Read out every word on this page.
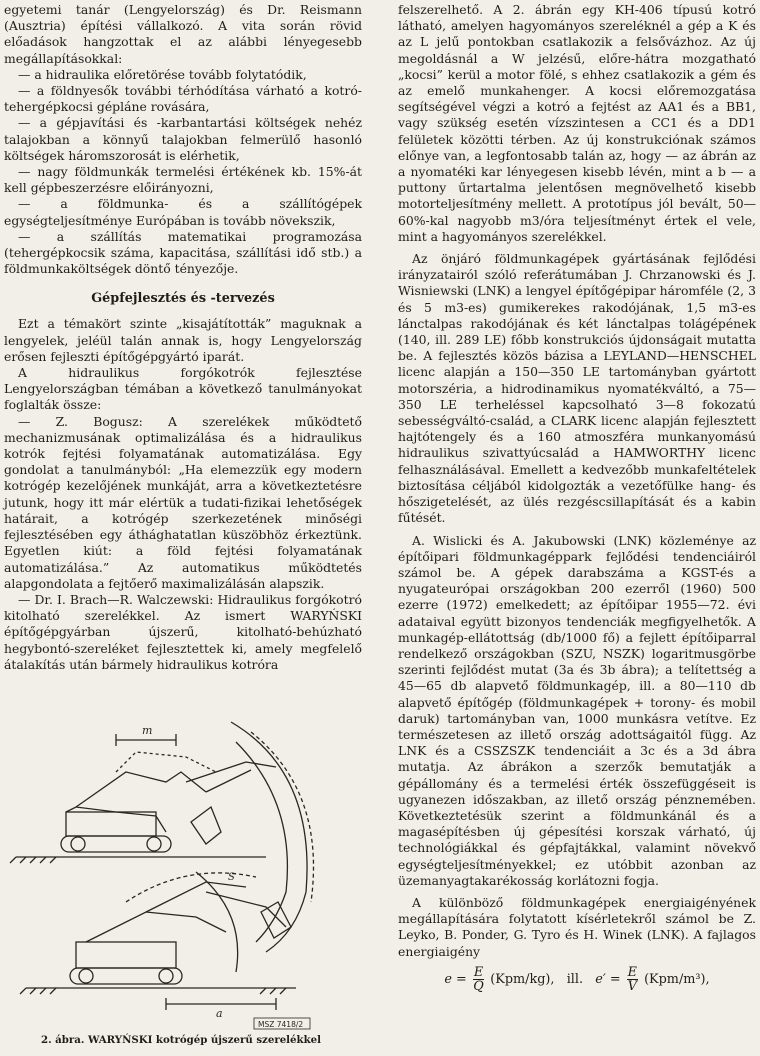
egyetemi tanár (Lengyelország) és Dr. Reismann (Ausztria) építési vállalkozó. A vita során rövid előadások hangzottak el az alábbi lényegesebb megállapításokkal:

— a hidraulika előretörése tovább folytatódik,

— a földnyesők további térhódítása várható a kotró-tehergépkocsi gépláne rovására,

— a gépjavítási és -karbantartási költségek nehéz talajokban a könnyű talajokban felmerülő hasonló költségek háromszorosát is elérhetik,

— nagy földmunkák termelési értékének kb. 15%-át kell gépbeszerzésre előirányozni,

— a földmunka- és a szállítógépek egységteljesítménye Európában is tovább növekszik,

— a szállítás matematikai programozása (tehergépkocsik száma, kapacitása, szállítási idő stb.) a földmunkaköltségek döntő tényezője.

Gépfejlesztés és -tervezés

Ezt a témakört szinte „kisajátították” maguknak a lengyelek, jeléül talán annak is, hogy Lengyelország erősen fejleszti építőgépgyártó iparát.

A hidraulikus forgókotrók fejlesztése Lengyelországban témában a következő tanulmányokat foglalták össze:

— Z. Bogusz: A szerelékek működtető mechanizmusának optimalizálása és a hidraulikus kotrók fejtési folyamatának automatizálása. Egy gondolat a tanulmányból: „Ha elemezzük egy modern kotrógép kezelőjének munkáját, arra a következtetésre jutunk, hogy itt már elértük a tudati-fizikai lehetőségek határait, a kotrógép szerkezetének minőségi fejlesztésében egy áthághatatlan küszöbhöz érkeztünk. Egyetlen kiút: a föld fejtési folyamatának automatizálása.” Az automatikus működtetés alapgondolata a fejtőerő maximalizálásán alapszik.

— Dr. I. Brach—R. Walczewski: Hidraulikus forgókotró kitolható szerelékkel. Az ismert WARYŃSKI építőgépgyárban újszerű, kitolható-behúzható hegybontó-szereléket fejlesztettek ki, amely megfelelő átalakítás után bármely hidraulikus kotróra

m
a
S
MSZ 7418/2
2. ábra. WARYŃSKI kotrógép újszerű szerelékkel

felszerelhető. A 2. ábrán egy KH-406 típusú kotró látható, amelyen hagyományos szereléknél a gép a K és az L jelű pontokban csatlakozik a felsővázhoz. Az új megoldásnál a W jelzésű, előre-hátra mozgatható „kocsi” kerül a motor fölé, s ehhez csatlakozik a gém és az emelő munkahenger. A kocsi előremozgatása segítségével végzi a kotró a fejtést az AA1 és a BB1, vagy szükség esetén vízszintesen a CC1 és a DD1 felületek közötti térben. Az új konstrukciónak számos előnye van, a legfontosabb talán az, hogy — az ábrán az a nyomatéki kar lényegesen kisebb lévén, mint a b — a puttony űrtartalma jelentősen megnövelhető kisebb motorteljesítmény mellett. A prototípus jól bevált, 50—60%-kal nagyobb m3/óra teljesítményt értek el vele, mint a hagyományos szerelékkel.

Az önjáró földmunkagépek gyártásának fejlődési irányzatairól szóló referátumában J. Chrzanowski és J. Wisniewski (LNK) a lengyel építőgépipar háromféle (2, 3 és 5 m3-es) gumikerekes rakodójának, 1,5 m3-es lánctalpas rakodójának és két lánctalpas tolágépének (140, ill. 289 LE) főbb konstrukciós újdonságait mutatta be. A fejlesztés közös bázisa a LEYLAND—HENSCHEL licenc alapján a 150—350 LE tartományban gyártott motorszéria, a hidrodinamikus nyomatékváltó, a 75—350 LE terheléssel kapcsolható 3—8 fokozatú sebességváltó-család, a CLARK licenc alapján fejlesztett hajtótengely és a 160 atmoszféra munkanyomású hidraulikus szivattyúcsalád a HAMWORTHY licenc felhasználásával. Emellett a kedvezőbb munkafeltételek biztosítása céljából kidolgozták a vezetőfülke hang- és hőszigetelését, az ülés rezgéscsillapítását és a kabin fűtését.

A. Wislicki és A. Jakubowski (LNK) közleménye az építőipari földmunkagéppark fejlődési tendenciáiról számol be. A gépek darabszáma a KGST-és a nyugateurópai országokban 200 ezerről (1960) 500 ezerre (1972) emelkedett; az építőipar 1955—72. évi adataival együtt bizonyos tendenciák megfigyelhetők. A munkagép-ellátottság (db/1000 fő) a fejlett építőiparral rendelkező országokban (SZU, NSZK) logaritmusgörbe szerinti fejlődést mutat (3a és 3b ábra); a telítettség a 45—65 db alapvető földmunkagép, ill. a 80—110 db alapvető építőgép (földmunkagépek + torony- és mobil daruk) tartományban van, 1000 munkásra vetítve. Ez természetesen az illető ország adottságaitól függ. Az LNK és a CSSZSZK tendenciáit a 3c és a 3d ábra mutatja. Az ábrákon a szerzők bemutatják a gépállomány és a termelési érték összefüggéseit is ugyanezen időszakban, az illető ország pénznemében. Következtetésük szerint a földmunkánál és a magasépítésben új gépesítési korszak várható, új technológiákkal és gépfajtákkal, valamint növekvő egységteljesítményekkel; ez utóbbit azonban az üzemanyagtakarékosság korlátozni fogja.

A különböző földmunkagépek energiaigényének megállapítására folytatott kísérletekről számol be Z. Leyko, B. Ponder, G. Tyro és H. Winek (LNK). A fajlagos energiaigény

$e = \frac{E}{Q} (Kpm/kg)$, ill. $e' = \frac{E}{V} (Kpm/m^3)$,
